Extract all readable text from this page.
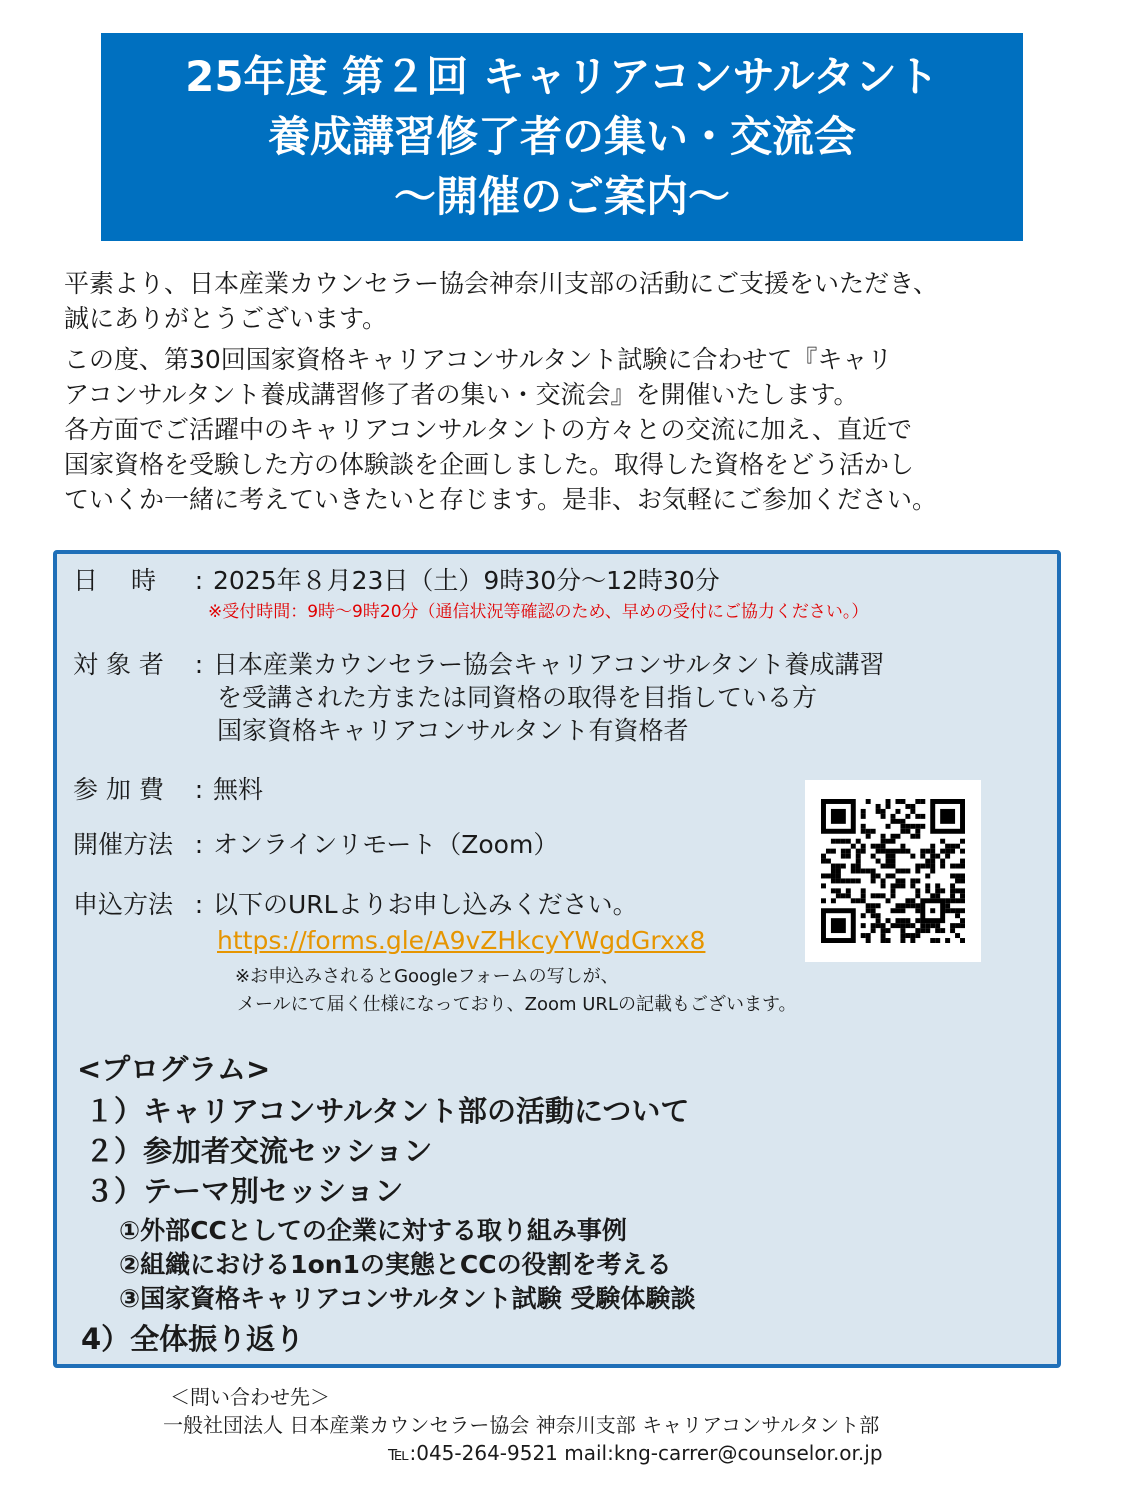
25年度 第２回 キャリアコンサルタント
養成講習修了者の集い・交流会
～開催のご案内～

平素より、日本産業カウンセラー協会神奈川支部の活動にご支援をいただき、
誠にありがとうございます。

この度、第30回国家資格キャリアコンサルタント試験に合わせて『キャリ
アコンサルタント養成講習修了者の集い・交流会』を開催いたします。
各方面でご活躍中のキャリアコンサルタントの方々との交流に加え、直近で
国家資格を受験した方の体験談を企画しました。取得した資格をどう活かし
ていくか一緒に考えていきたいと存じます。是非、お気軽にご参加ください。

日　 時 : 2025年８月23日（土）9時30分～12時30分
※受付時間：9時～9時20分（通信状況等確認のため、早めの受付にご協力ください。）
対 象 者 : 日本産業カウンセラー協会キャリアコンサルタント養成講習
を受講された方または同資格の取得を目指している方
国家資格キャリアコンサルタント有資格者
参 加 費 : 無料
開催方法 : オンラインリモート（Zoom）
申込方法 : 以下のURLよりお申し込みください。
https://forms.gle/A9vZHkcyYWgdGrxx8
※お申込みされるとGoogleフォームの写しが、
メールにて届く仕様になっており、Zoom URLの記載もございます。
<プログラム>
１）キャリアコンサルタント部の活動について
２）参加者交流セッション
３）テーマ別セッション
①外部CCとしての企業に対する取り組み事例
②組織における1on1の実態とCCの役割を考える
③国家資格キャリアコンサルタント試験 受験体験談
4）全体振り返り
＜問い合わせ先＞
一般社団法人 日本産業カウンセラー協会 神奈川支部 キャリアコンサルタント部
℡:045-264-9521 mail:kng-carrer@counselor.or.jp
